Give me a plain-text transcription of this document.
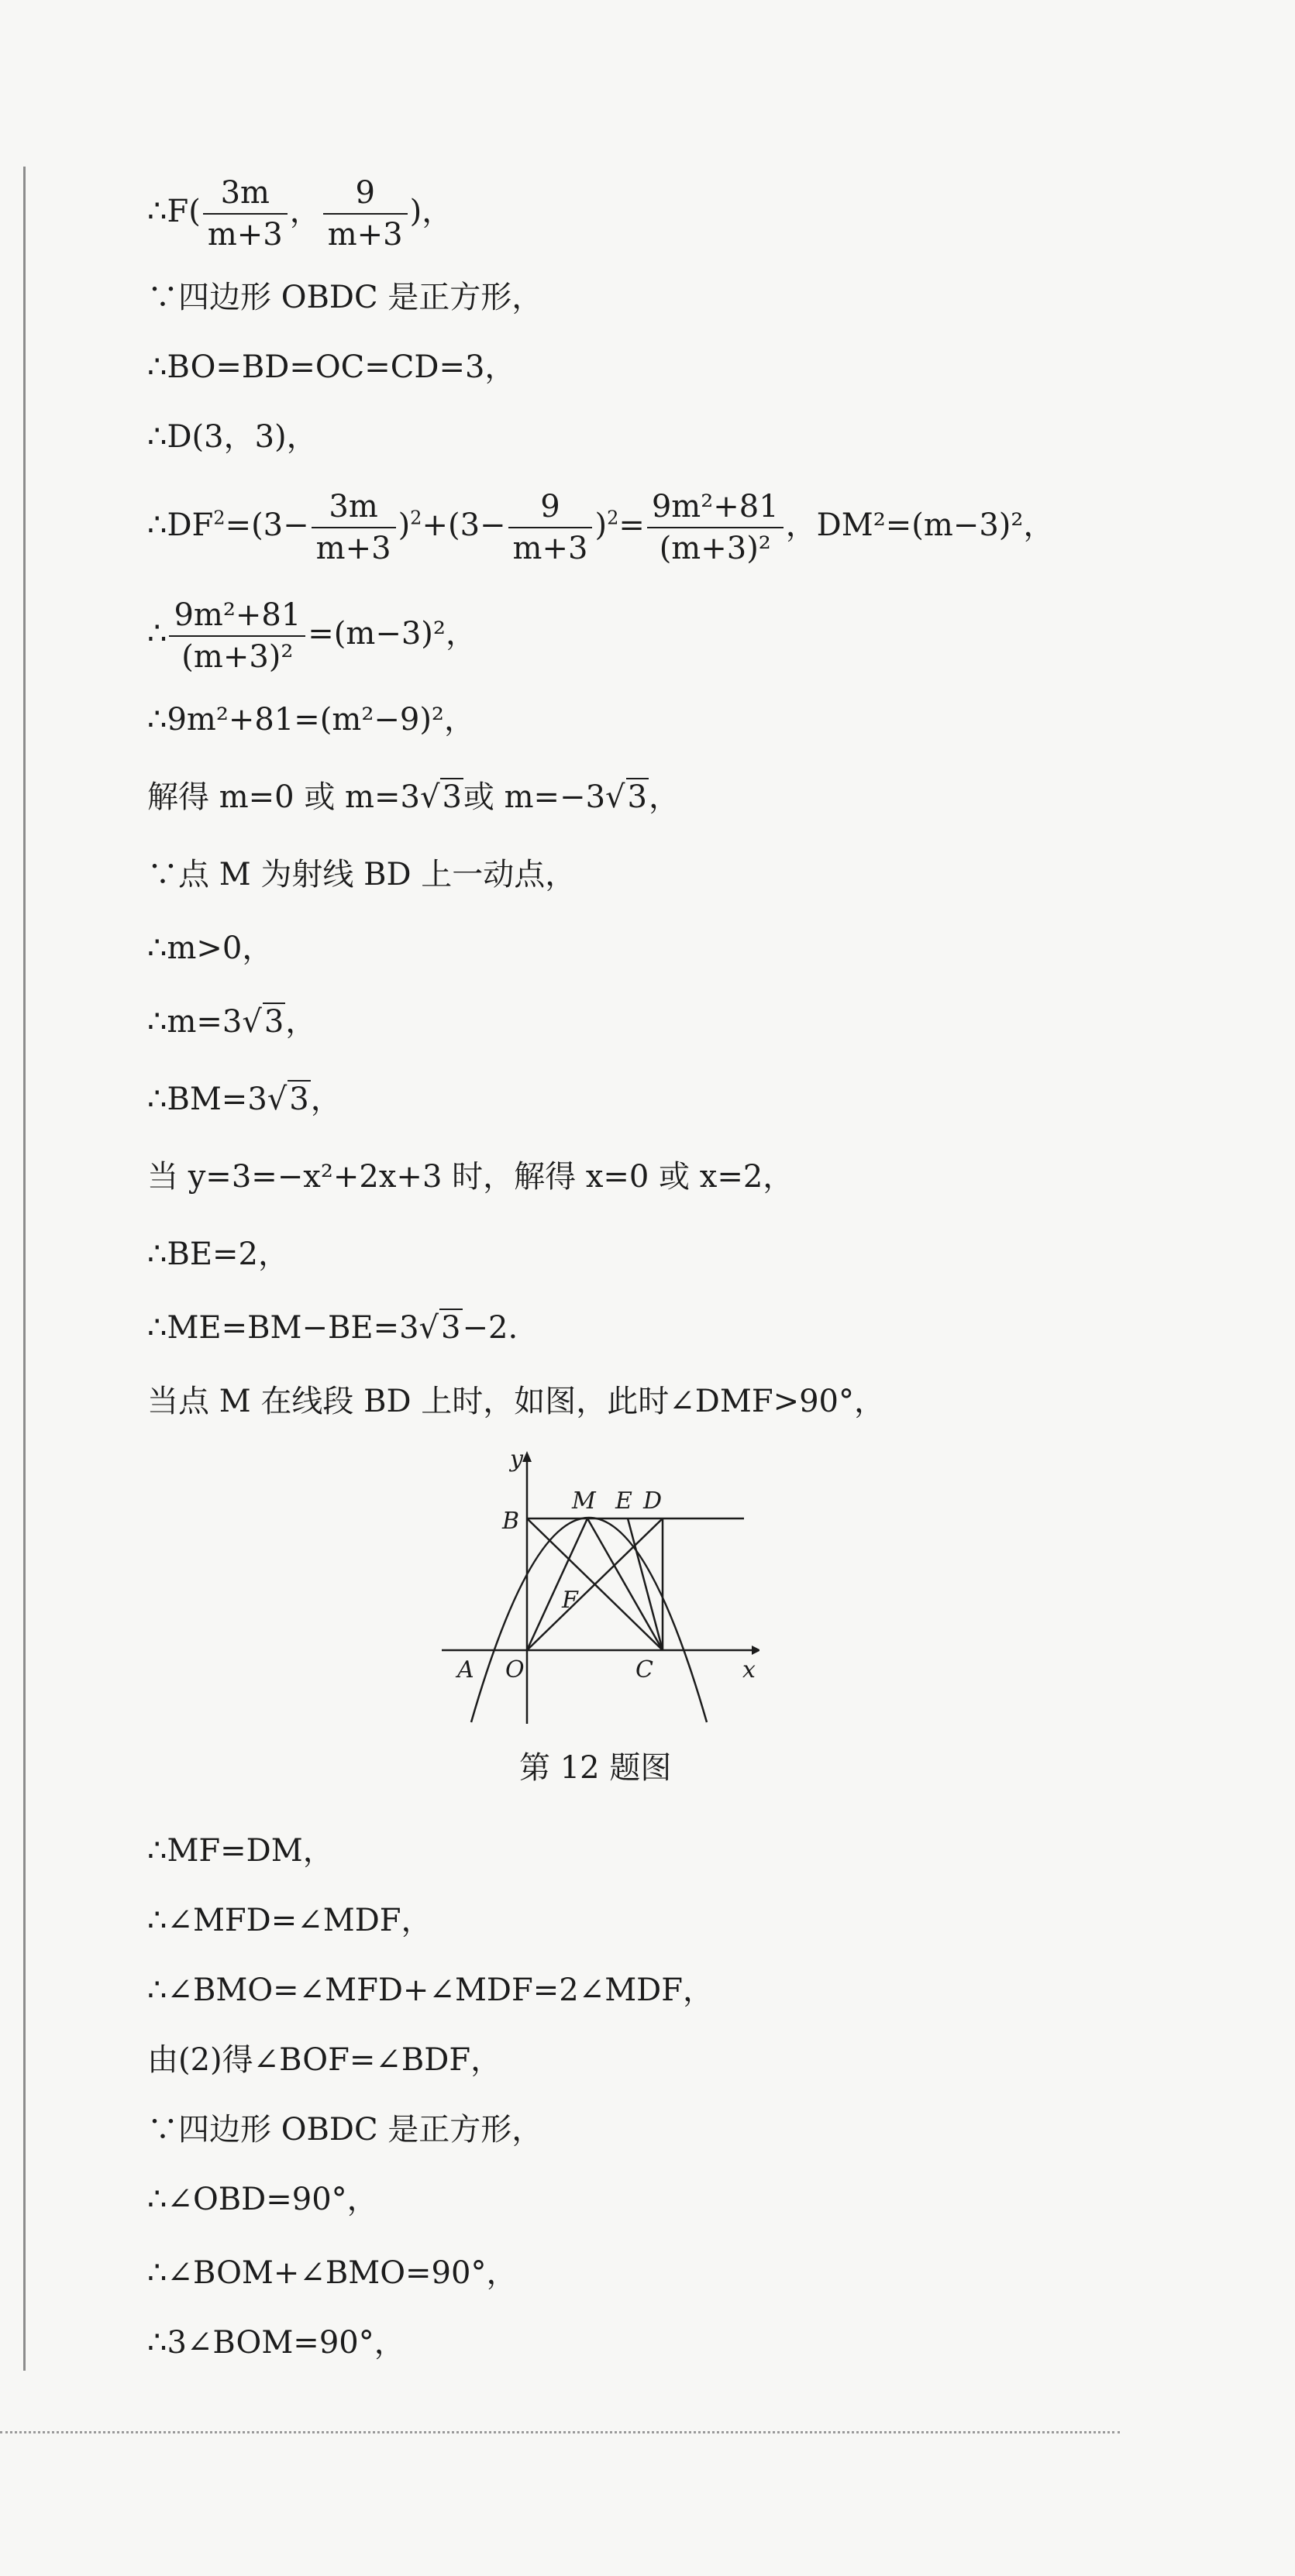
∴F( $\frac{3m}{m+3}$ ， $\frac{9}{m+3}$ )，
∵四边形 OBDC 是正方形，
∴BO=BD=OC=CD=3，
∴D(3，3)，
$\therefore DF^2=(3- \frac{3m}{m+3} )^2+(3- \frac{9}{m+3} )^2= \frac{\text{9m²+81}}{\text{(m+3)²}}$ ，DM²=(m−3)²，
∴ $\frac{\text{9m²+81}}{\text{(m+3)²}} =(m-3)^2$，
∴9m²+81=(m²−9)²，
解得 m=0 或 m=3√3或 m=−3√3，
∵点 M 为射线 BD 上一动点，
∴m>0，
∴m=3√3，
∴BM=3√3，
当 y=3=−x²+2x+3 时，解得 x=0 或 x=2，
∴BE=2，
∴ME=BM−BE=3√3−2.
当点 M 在线段 BD 上时，如图，此时∠DMF>90°，
y
x
A O
B
M E D
F
C
第 12 题图
∴MF=DM，
∴∠MFD=∠MDF，
∴∠BMO=∠MFD+∠MDF=2∠MDF，
由(2)得∠BOF=∠BDF，
∵四边形 OBDC 是正方形，
∴∠OBD=90°，
∴∠BOM+∠BMO=90°，
∴3∠BOM=90°，
